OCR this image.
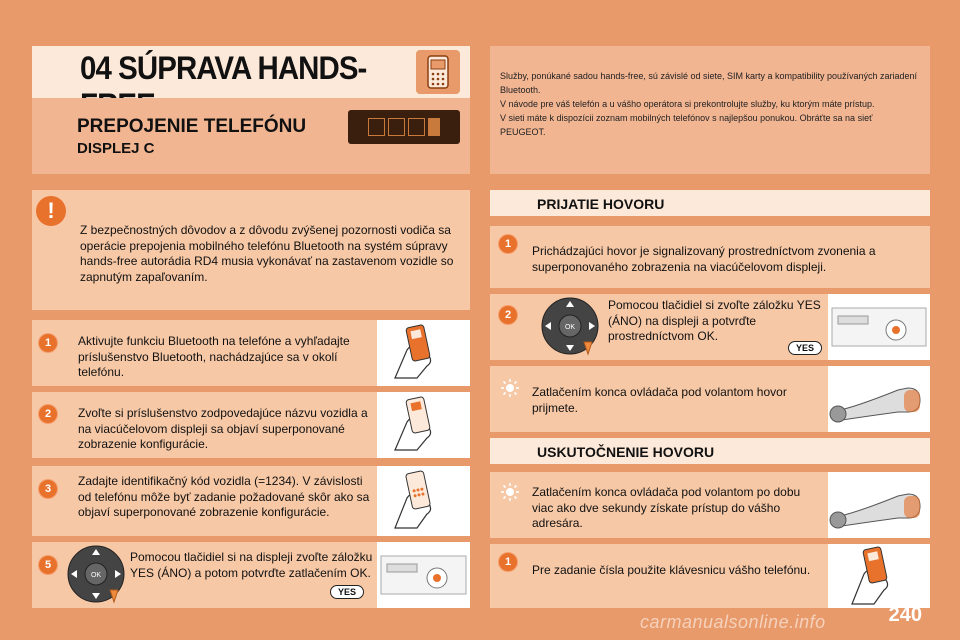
04 SÚPRAVA HANDS-
PREPOJENIE TELEFÓNU
DISPLEJ C

Služby, ponúkané sadou hands-free, sú závislé od siete, SIM karty a kompatibility používaných zariadení Bluetooth.

V návode pre váš telefón a u vášho operátora si prekontrolujte služby, ku ktorým máte prístup.

V sieti máte k dispozícii zoznam mobilných telefónov s najlepšou ponukou. Obráťte sa na sieť PEUGEOT.

!
Z bezpečnostných dôvodov a z dôvodu zvýšenej pozornosti vodiča sa operácie prepojenia mobilného telefónu Bluetooth na systém súpravy hands-free autorádia RD4 musia vykonávať na zastavenom vozidle so zapnutým zapaľovaním.
1	Aktivujte funkciu Bluetooth na telefóne a vyhľadajte príslušenstvo Bluetooth, nachádzajúce sa v okolí telefónu.
2	Zvoľte si príslušenstvo zodpovedajúce názvu vozidla a na viacúčelovom displeji sa objaví superponované zobrazenie konfigurácie.
3
Zadajte identifikačný kód vozidla (=1234). V závislosti od telefónu môže byť zadanie požadované skôr ako sa objaví superponované zobrazenie konfigurácie.
5
OK
Pomocou tlačidiel si na displeji zvoľte záložku YES (ÁNO) a potom potvrďte zatlačením OK.
YES
PRIJATIE HOVORU
1	Prichádzajúci hovor je signalizovaný prostredníctvom zvonenia a superponovaného zobrazenia na viacúčelovom displeji.
2
OK
Pomocou tlačidiel si zvoľte záložku YES (ÁNO) na displeji a potvrďte prostredníctvom OK.
YES
Zatlačením konca ovládača pod volantom hovor prijmete.
USKUTOČNENIE HOVORU
Zatlačením konca ovládača pod volantom po dobu viac ako dve sekundy získate prístup do vášho adresára.
1
Pre zadanie čísla použite klávesnicu vášho telefónu.
240
carmanualsonline.info
